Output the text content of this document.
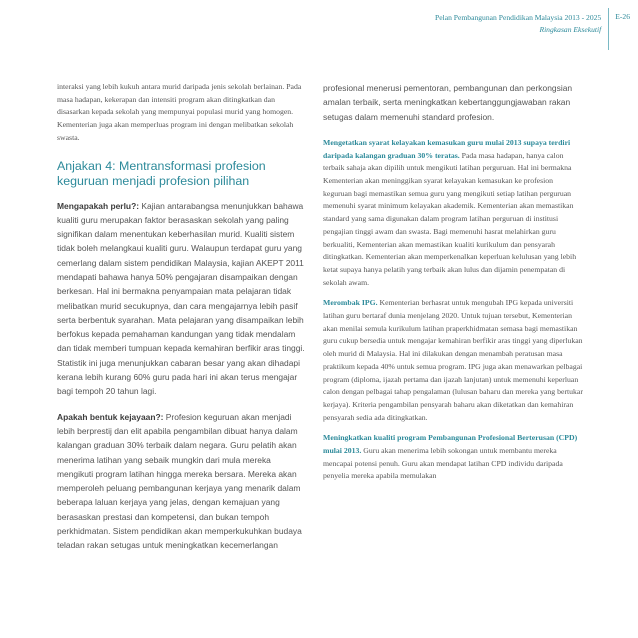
Pelan Pembangunan Pendidikan Malaysia 2013 - 2025
Ringkasan Eksekutif
E-26

interaksi yang lebih kukuh antara murid daripada jenis sekolah berlainan. Pada masa hadapan, kekerapan dan intensiti program akan ditingkatkan dan disasarkan kepada sekolah yang mempunyai populasi murid yang homogen. Kementerian juga akan memperluas program ini dengan melibatkan sekolah swasta.

Anjakan 4: Mentransformasi profesion keguruan menjadi profesion pilihan

Mengapakah perlu?: Kajian antarabangsa menunjukkan bahawa kualiti guru merupakan faktor berasaskan sekolah yang paling signifikan dalam menentukan keberhasilan murid. Kualiti sistem tidak boleh melangkaui kualiti guru. Walaupun terdapat guru yang cemerlang dalam sistem pendidikan Malaysia, kajian AKEPT 2011 mendapati bahawa hanya 50% pengajaran disampaikan dengan berkesan. Hal ini bermakna penyampaian mata pelajaran tidak melibatkan murid secukupnya, dan cara mengajarnya lebih pasif serta berbentuk syarahan. Mata pelajaran yang disampaikan lebih berfokus kepada pemahaman kandungan yang tidak mendalam dan tidak memberi tumpuan kepada kemahiran berfikir aras tinggi. Statistik ini juga menunjukkan cabaran besar yang akan dihadapi kerana lebih kurang 60% guru pada hari ini akan terus mengajar bagi tempoh 20 tahun lagi.

Apakah bentuk kejayaan?: Profesion keguruan akan menjadi lebih berprestij dan elit apabila pengambilan dibuat hanya dalam kalangan graduan 30% terbaik dalam negara. Guru pelatih akan menerima latihan yang sebaik mungkin dari mula mereka mengikuti program latihan hingga mereka bersara. Mereka akan memperoleh peluang pembangunan kerjaya yang menarik dalam beberapa laluan kerjaya yang jelas, dengan kemajuan yang berasaskan prestasi dan kompetensi, dan bukan tempoh perkhidmatan. Sistem pendidikan akan memperkukuhkan budaya teladan rakan setugas untuk meningkatkan kecemerlangan

profesional menerusi pementoran, pembangunan dan perkongsian amalan terbaik, serta meningkatkan kebertanggungjawaban rakan setugas dalam memenuhi standard profesion.

Mengetatkan syarat kelayakan kemasukan guru mulai 2013 supaya terdiri daripada kalangan graduan 30% teratas. Pada masa hadapan, hanya calon terbaik sahaja akan dipilih untuk mengikuti latihan perguruan. Hal ini bermakna Kementerian akan meninggikan syarat kelayakan kemasukan ke profesion keguruan bagi memastikan semua guru yang mengikuti setiap latihan perguruan memenuhi syarat minimum kelayakan akademik. Kementerian akan memastikan standard yang sama digunakan dalam program latihan perguruan di institusi pengajian tinggi awam dan swasta. Bagi memenuhi hasrat melahirkan guru berkualiti, Kementerian akan memastikan kualiti kurikulum dan pensyarah ditingkatkan. Kementerian akan memperkenalkan keperluan kelulusan yang lebih ketat supaya hanya pelatih yang terbaik akan lulus dan dijamin penempatan di sekolah awam.

Merombak IPG. Kementerian berhasrat untuk mengubah IPG kepada universiti latihan guru bertaraf dunia menjelang 2020. Untuk tujuan tersebut, Kementerian akan menilai semula kurikulum latihan praperkhidmatan semasa bagi memastikan guru cukup bersedia untuk mengajar kemahiran berfikir aras tinggi yang diperlukan oleh murid di Malaysia. Hal ini dilakukan dengan menambah peratusan masa praktikum kepada 40% untuk semua program. IPG juga akan menawarkan pelbagai program (diploma, ijazah pertama dan ijazah lanjutan) untuk memenuhi keperluan calon dengan pelbagai tahap pengalaman (lulusan baharu dan mereka yang bertukar kerjaya). Kriteria pengambilan pensyarah baharu akan diketatkan dan kemahiran pensyarah sedia ada ditingkatkan.

Meningkatkan kualiti program Pembangunan Profesional Berterusan (CPD) mulai 2013. Guru akan menerima lebih sokongan untuk membantu mereka mencapai potensi penuh. Guru akan mendapat latihan CPD individu daripada penyelia mereka apabila memulakan
